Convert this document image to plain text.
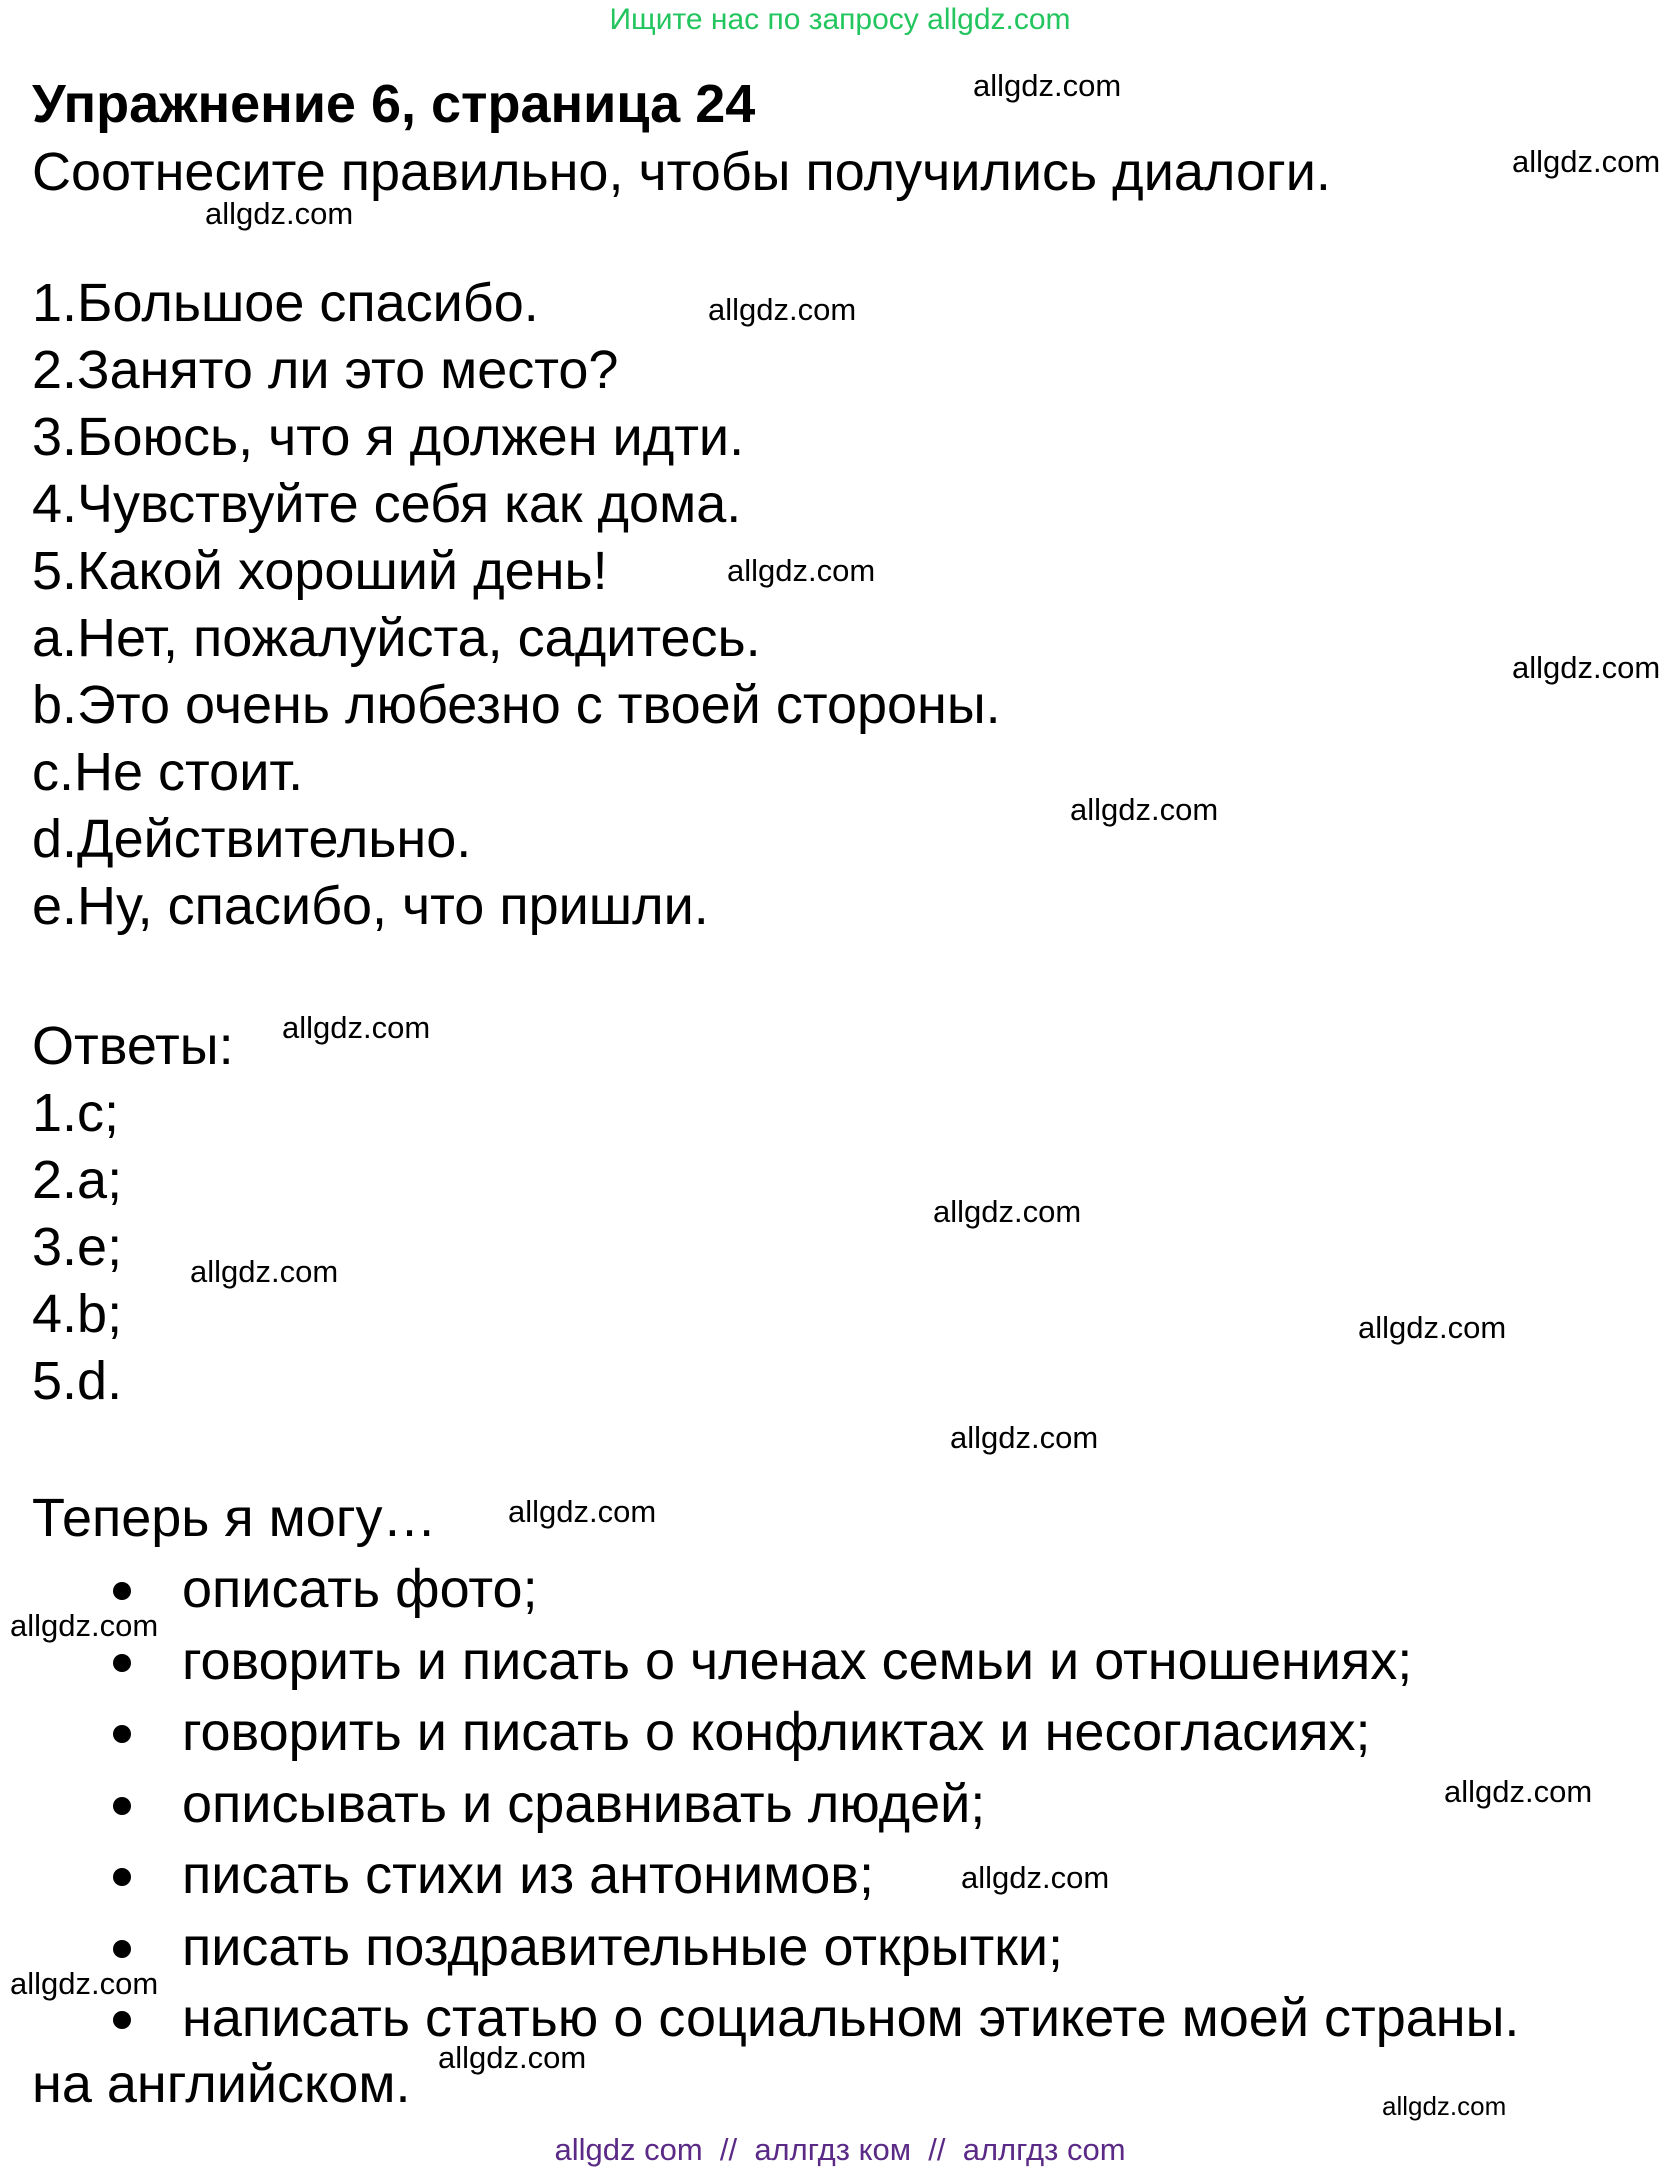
Ищите нас по запросу allgdz.com
Упражнение 6, страница 24
Соотнесите правильно, чтобы получились диалоги.
1.Большое спасибо.
2.Занято ли это место?
3.Боюсь, что я должен идти.
4.Чувствуйте себя как дома.
5.Какой хороший день!
a.Нет, пожалуйста, садитесь.
b.Это очень любезно с твоей стороны.
c.Не стоит.
d.Действительно.
e.Ну, спасибо, что пришли.
Ответы:
1.c;
2.a;
3.e;
4.b;
5.d.
Теперь я могу…
описать фото;
говорить и писать о членах семьи и отношениях;
говорить и писать о конфликтах и несогласиях;
описывать и сравнивать людей;
писать стихи из антонимов;
писать поздравительные открытки;
написать статью о социальном этикете моей страны.
на английском.
allgdz.com
allgdz.com
allgdz.com
allgdz.com
allgdz.com
allgdz.com
allgdz.com
allgdz.com
allgdz.com
allgdz.com
allgdz.com
allgdz.com
allgdz.com
allgdz.com
allgdz.com
allgdz.com
allgdz.com
allgdz.com
allgdz.com
allgdz com  //  аллгдз ком  //  аллгдз com
